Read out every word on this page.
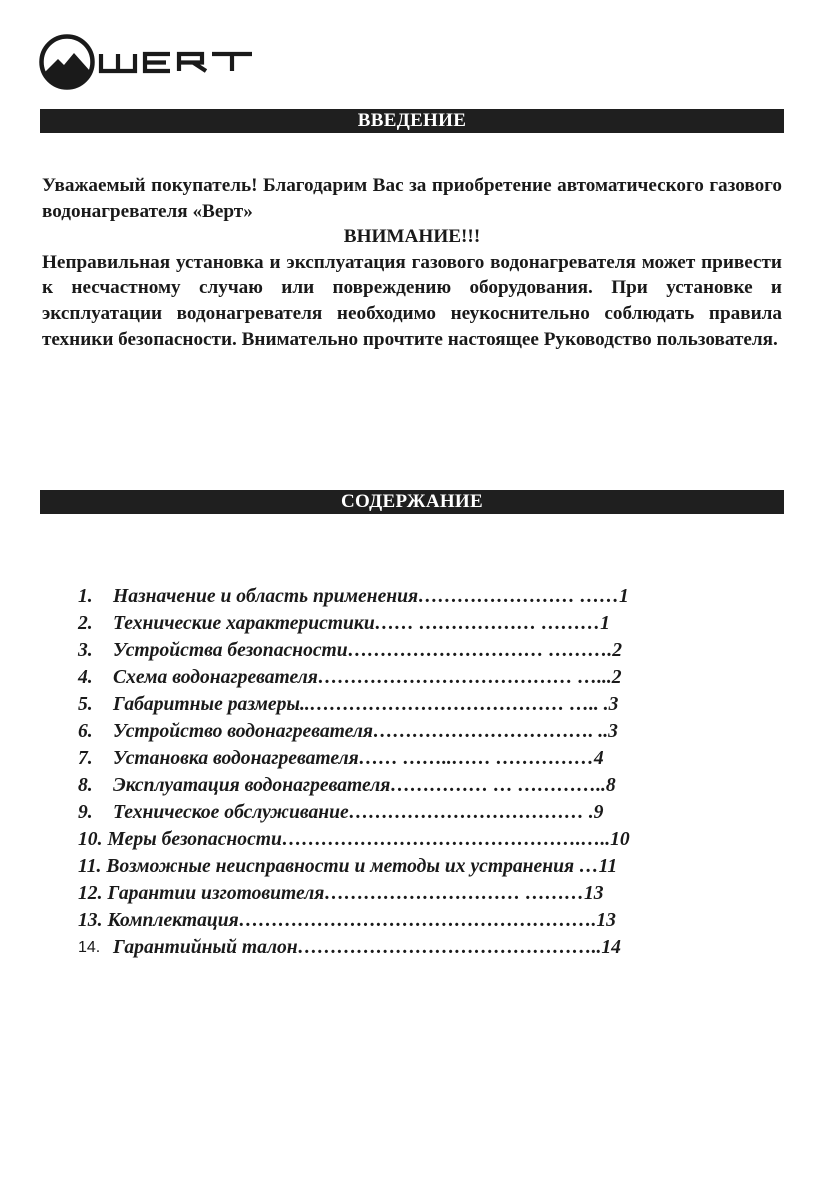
ВВЕДЕНИЕ

Уважаемый покупатель! Благодарим Вас за приобретение автоматического газового водонагревателя «Верт»

ВНИМАНИЕ!!!

Неправильная установка и эксплуатация газового водонагревателя может привести к несчастному случаю или повреждению оборудования. При установке и эксплуатации водонагревателя необходимо неукоснительно соблюдать правила техники безопасности. Внимательно прочтите настоящее Руководство пользователя.

СОДЕРЖАНИЕ
1.	Назначение и область применения…………………… ……1
2.	Технические характеристики…… ……………… ………1
3.	Устройства безопасности………………………… ……….2
4.	Схема водонагревателя………………………………… …...2
5.	Габаритные размеры..………………………………… ….. .3
6.	Устройство водонагревателя……………………………. ..3
7.	Установка водонагревателя…… ……..…… ……………4
8.	Эксплуатация водонагревателя…………… … …………..8
9.	Техническое обслуживание……………………………… .9
10. Меры безопасности……………………………………….…..10
11. Возможные неисправности и методы их устранения …11
12. Гарантии изготовителя………………………… ………13
13. Комплектация……………………………………………….13
14. Гарантийный талон………………………………………..14
